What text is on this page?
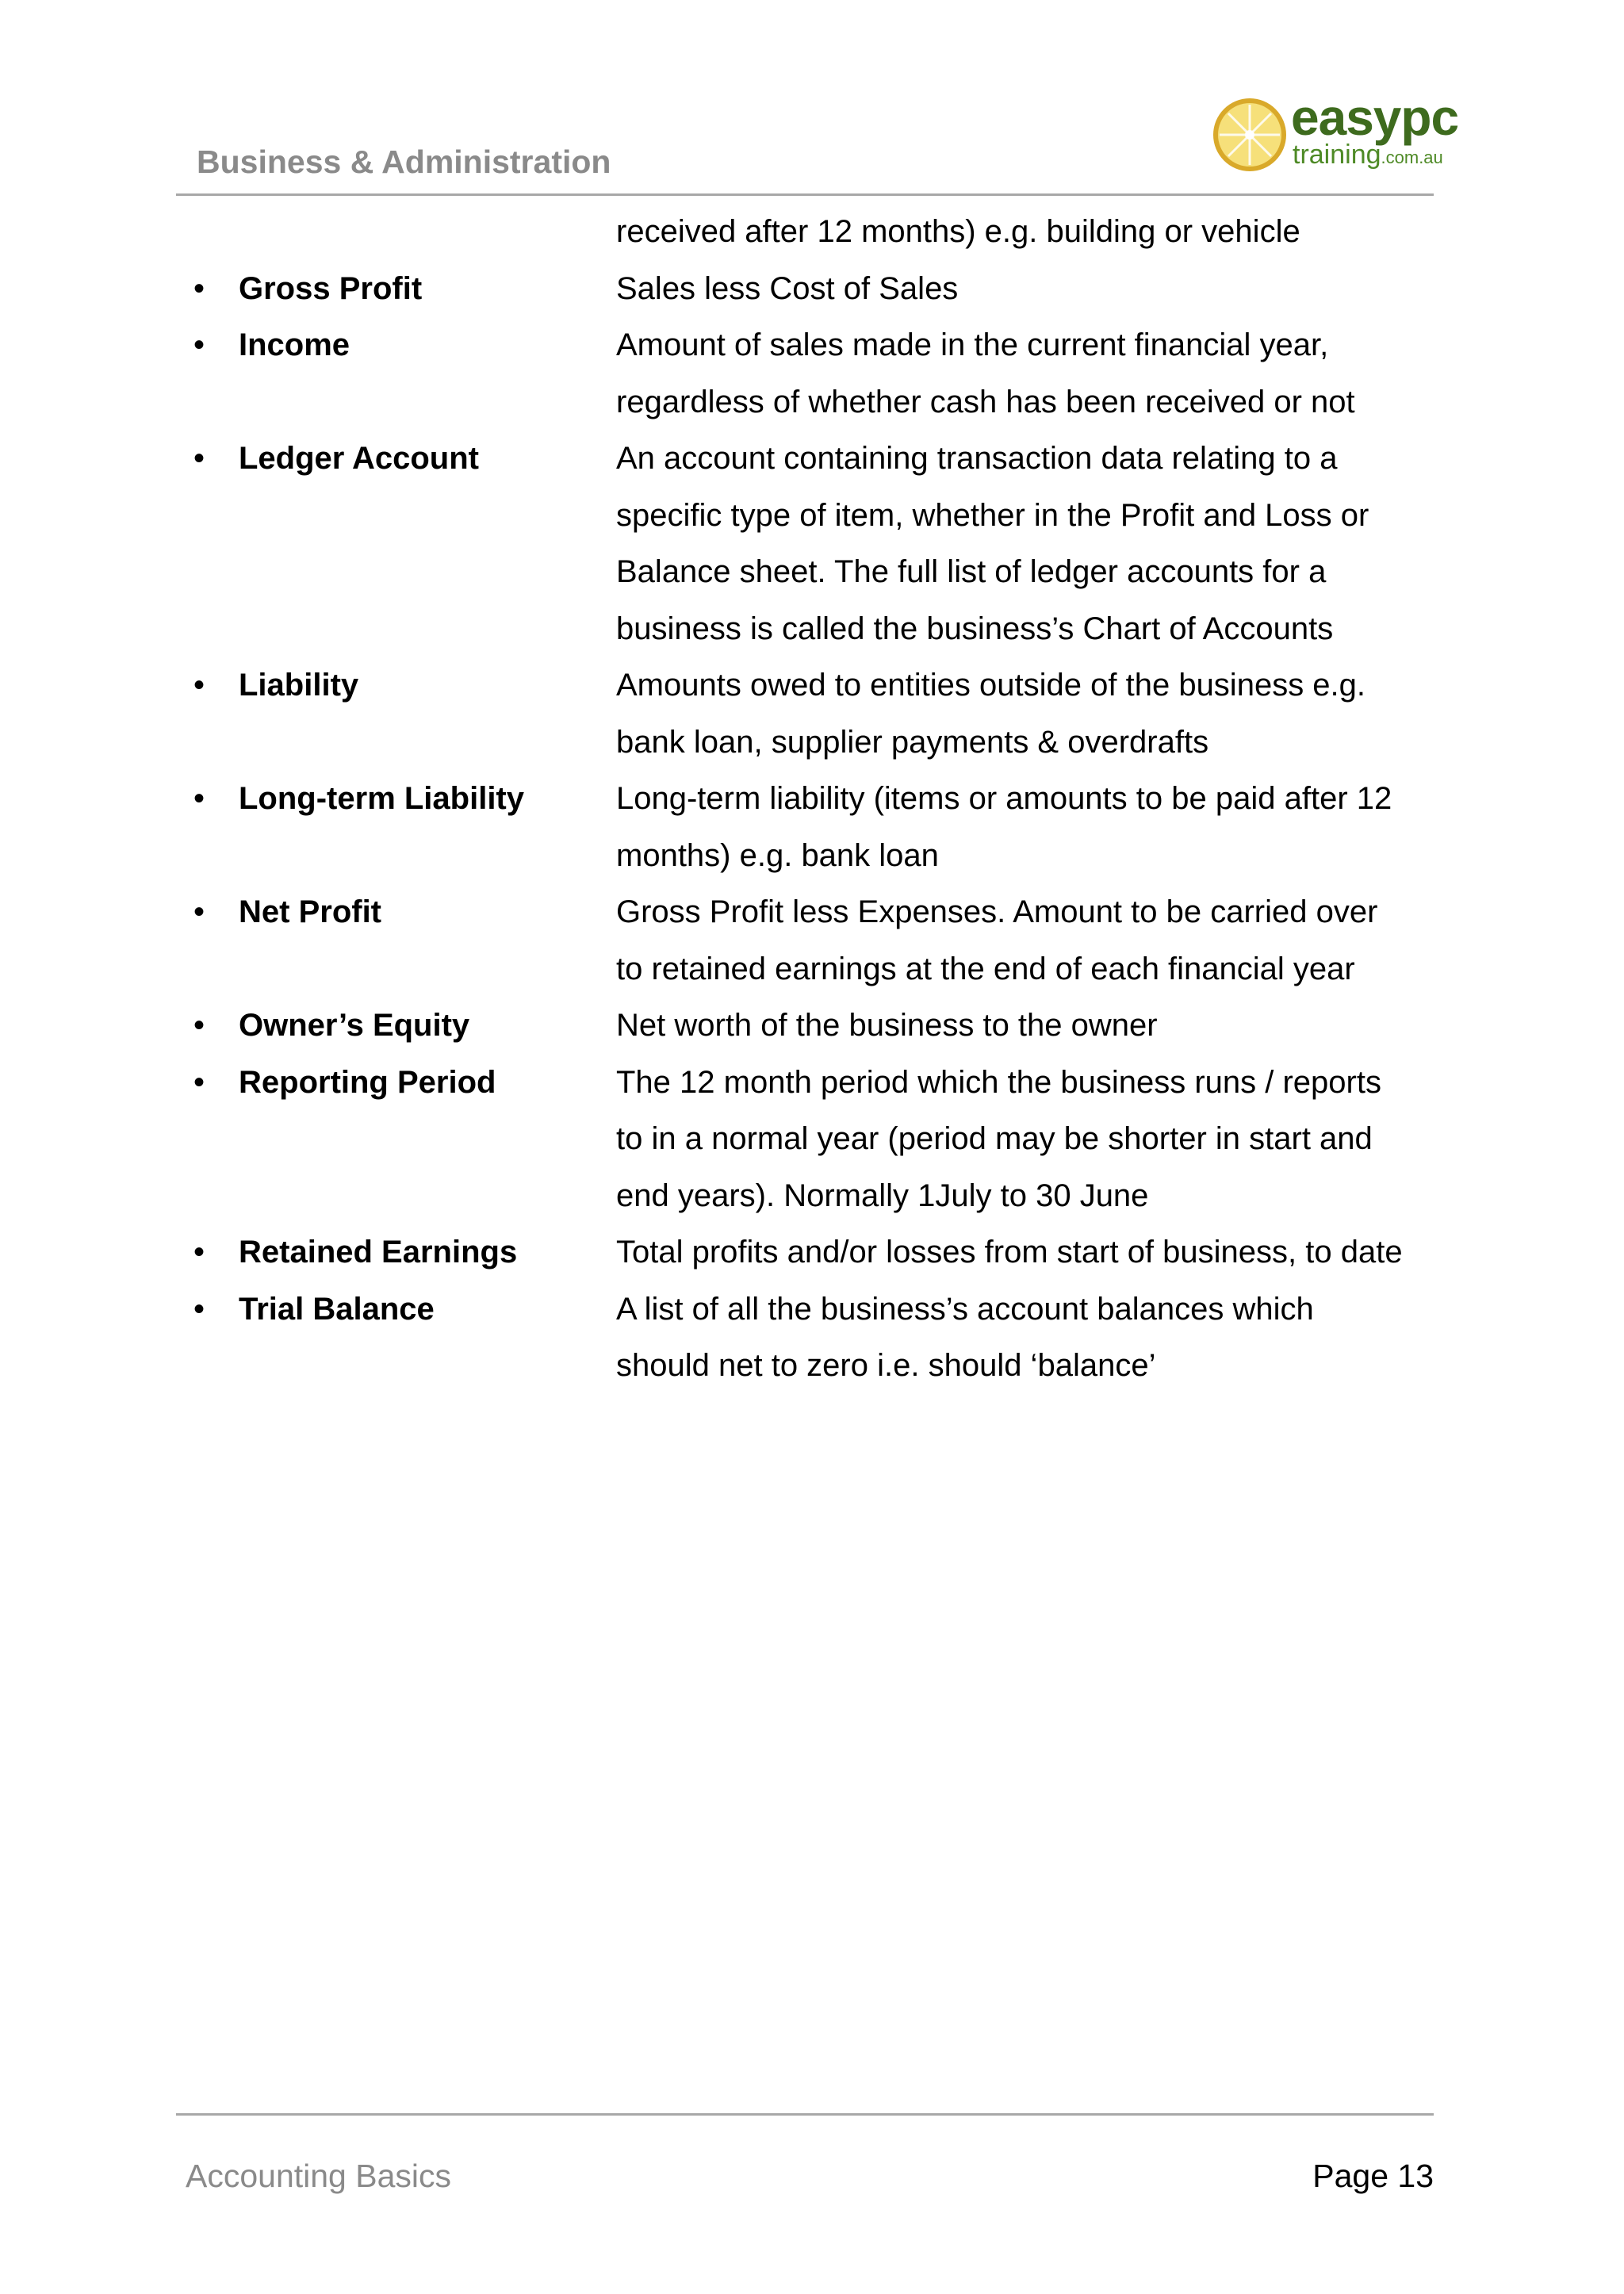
Business & Administration
easypc
training.com.au
received after 12 months) e.g. building or vehicle
• Gross Profit	Sales less Cost of Sales
• Income	Amount of sales made in the current financial year,
regardless of whether cash has been received or not
• Ledger Account	An account containing transaction data relating to a
specific type of item, whether in the Profit and Loss or
Balance sheet. The full list of ledger accounts for a
business is called the business’s Chart of Accounts
• Liability	Amounts owed to entities outside of the business e.g.
bank loan, supplier payments & overdrafts
• Long-term Liability	Long-term liability (items or amounts to be paid after 12
months) e.g. bank loan
• Net Profit	Gross Profit less Expenses. Amount to be carried over
to retained earnings at the end of each financial year
• Owner’s Equity	Net worth of the business to the owner
• Reporting Period	The 12 month period which the business runs / reports
to in a normal year (period may be shorter in start and
end years). Normally 1July to 30 June
• Retained Earnings	Total profits and/or losses from start of business, to date
• Trial Balance	A list of all the business’s account balances which
should net to zero i.e. should ‘balance’
Accounting Basics	Page 13
